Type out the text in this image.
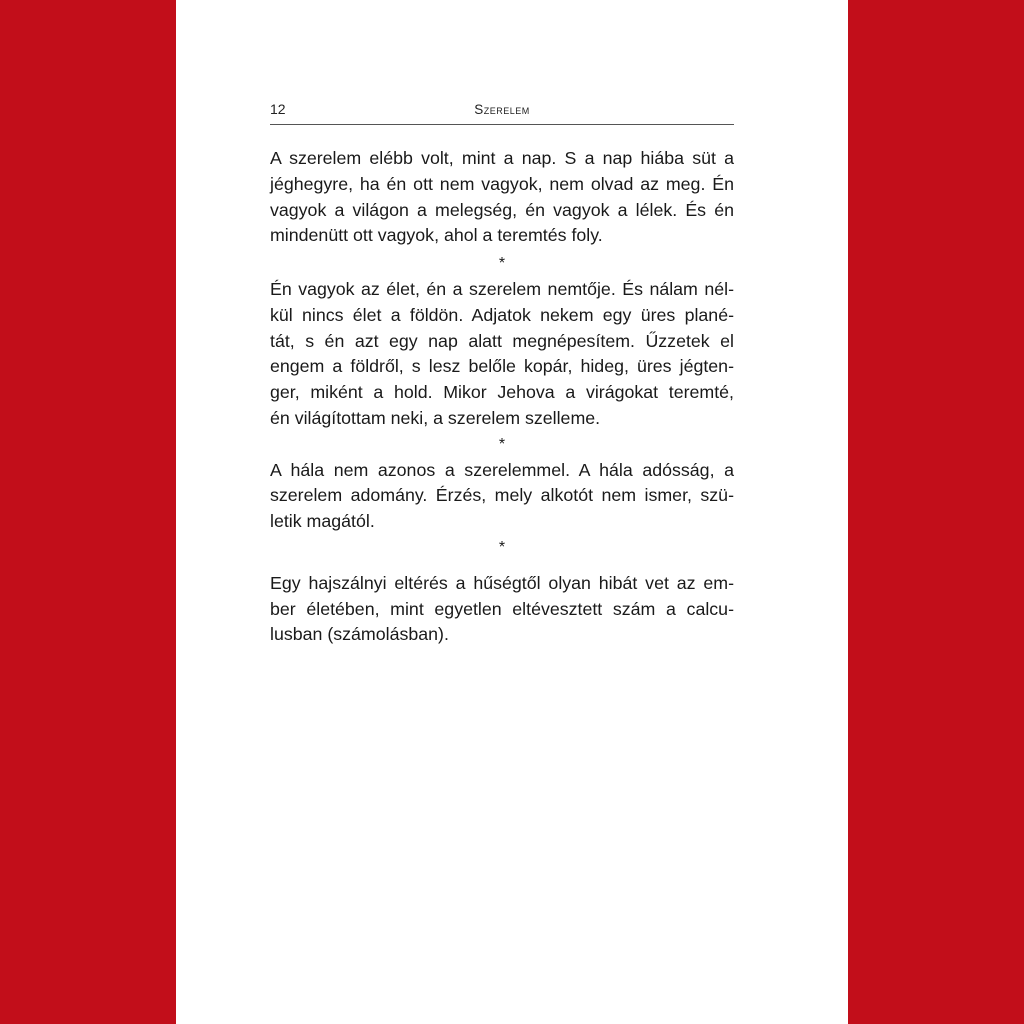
12	Szerelem
A szerelem elébb volt, mint a nap. S a nap hiába süt a
jéghegyre, ha én ott nem vagyok, nem olvad az meg. Én
vagyok a világon a melegség, én vagyok a lélek. És én
mindenütt ott vagyok, ahol a teremtés foly.
*
Én vagyok az élet, én a szerelem nemtője. És nálam nél-
kül nincs élet a földön. Adjatok nekem egy üres plané-
tát, s én azt egy nap alatt megnépesítem. Űzzetek el
engem a földről, s lesz belőle kopár, hideg, üres jégten-
ger, miként a hold. Mikor Jehova a virágokat teremté,
én világítottam neki, a szerelem szelleme.
*
A hála nem azonos a szerelemmel. A hála adósság, a
szerelem adomány. Érzés, mely alkotót nem ismer, szü-
letik magától.
*
Egy hajszálnyi eltérés a hűségtől olyan hibát vet az em-
ber életében, mint egyetlen eltévesztett szám a calcu-
lusban (számolásban).
